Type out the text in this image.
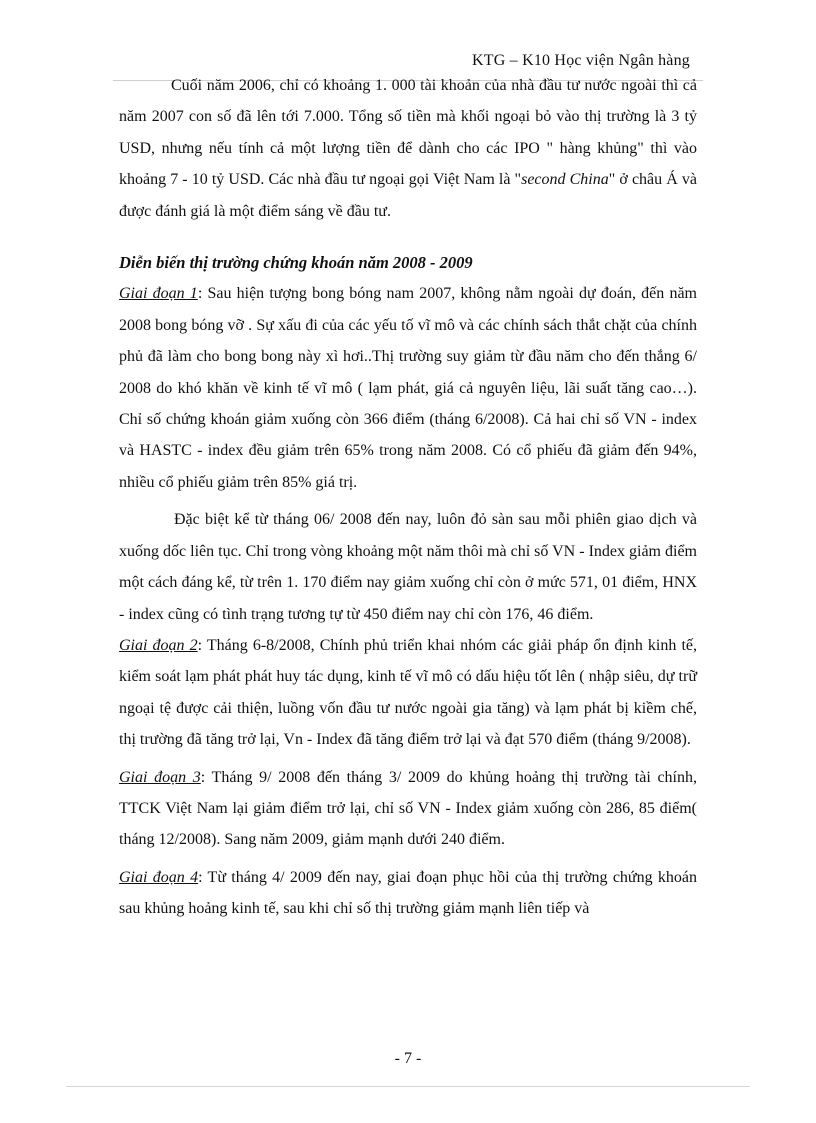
KTG – K10 Học viện Ngân hàng

Cuối năm 2006, chỉ có khoảng 1. 000 tài khoản của nhà đầu tư nước ngoài thì cả năm 2007 con số đã lên tới 7.000. Tổng số tiền mà khối ngoại bỏ vào thị trường là 3 tỷ USD, nhưng nếu tính cả một lượng tiền để dành cho các IPO " hàng khủng" thì vào khoảng 7 - 10 tỷ USD. Các nhà đầu tư ngoại gọi Việt Nam là "second China" ở châu Á và được đánh giá là một điểm sáng về đầu tư.

Diễn biến thị trường chứng khoán năm 2008 - 2009

Giai đoạn 1: Sau hiện tượng bong bóng nam 2007, không nằm ngoài dự đoán, đến năm 2008 bong bóng vỡ . Sự xấu đi của các yếu tố vĩ mô và các chính sách thắt chặt của chính phủ đã làm cho bong bong này xì hơi..Thị trường suy giảm từ đầu năm cho đến thắng 6/ 2008 do khó khăn về kinh tế vĩ mô ( lạm phát, giá cả nguyên liệu, lãi suất tăng cao…). Chỉ số chứng khoán giảm xuống còn 366 điểm (tháng 6/2008). Cả hai chỉ số VN - index và HASTC - index đều giảm trên 65% trong năm 2008. Có cổ phiếu đã giảm đến 94%, nhiều cổ phiếu giảm trên 85% giá trị.

Đặc biệt kể từ tháng 06/ 2008 đến nay, luôn đỏ sàn sau mỗi phiên giao dịch và xuống dốc liên tục. Chỉ trong vòng khoảng một năm thôi mà chỉ số VN - Index giảm điểm một cách đáng kể, từ trên 1. 170 điểm nay giảm xuống chỉ còn ở mức 571, 01 điểm, HNX - index cũng có tình trạng tương tự từ 450 điểm nay chỉ còn 176, 46 điểm.

Giai đoạn 2: Tháng 6-8/2008, Chính phủ triển khai nhóm các giải pháp ổn định kinh tế, kiểm soát lạm phát phát huy tác dụng, kinh tế vĩ mô có dấu hiệu tốt lên ( nhập siêu, dự trữ ngoại tệ được cải thiện, luồng vốn đầu tư nước ngoài gia tăng) và lạm phát bị kiềm chế, thị trường đã tăng trở lại, Vn - Index đã tăng điểm trở lại và đạt 570 điểm (tháng 9/2008).

Giai đoạn 3: Tháng 9/ 2008 đến tháng 3/ 2009 do khủng hoảng thị trường tài chính, TTCK Việt Nam lại giảm điểm trở lại, chỉ số VN - Index giảm xuống còn 286, 85 điểm( tháng 12/2008). Sang năm 2009, giảm mạnh dưới 240 điểm.

Giai đoạn 4: Từ tháng 4/ 2009 đến nay, giai đoạn phục hồi của thị trường chứng khoán sau khủng hoảng kinh tế, sau khi chỉ số thị trường giảm mạnh liên tiếp và

- 7 -
